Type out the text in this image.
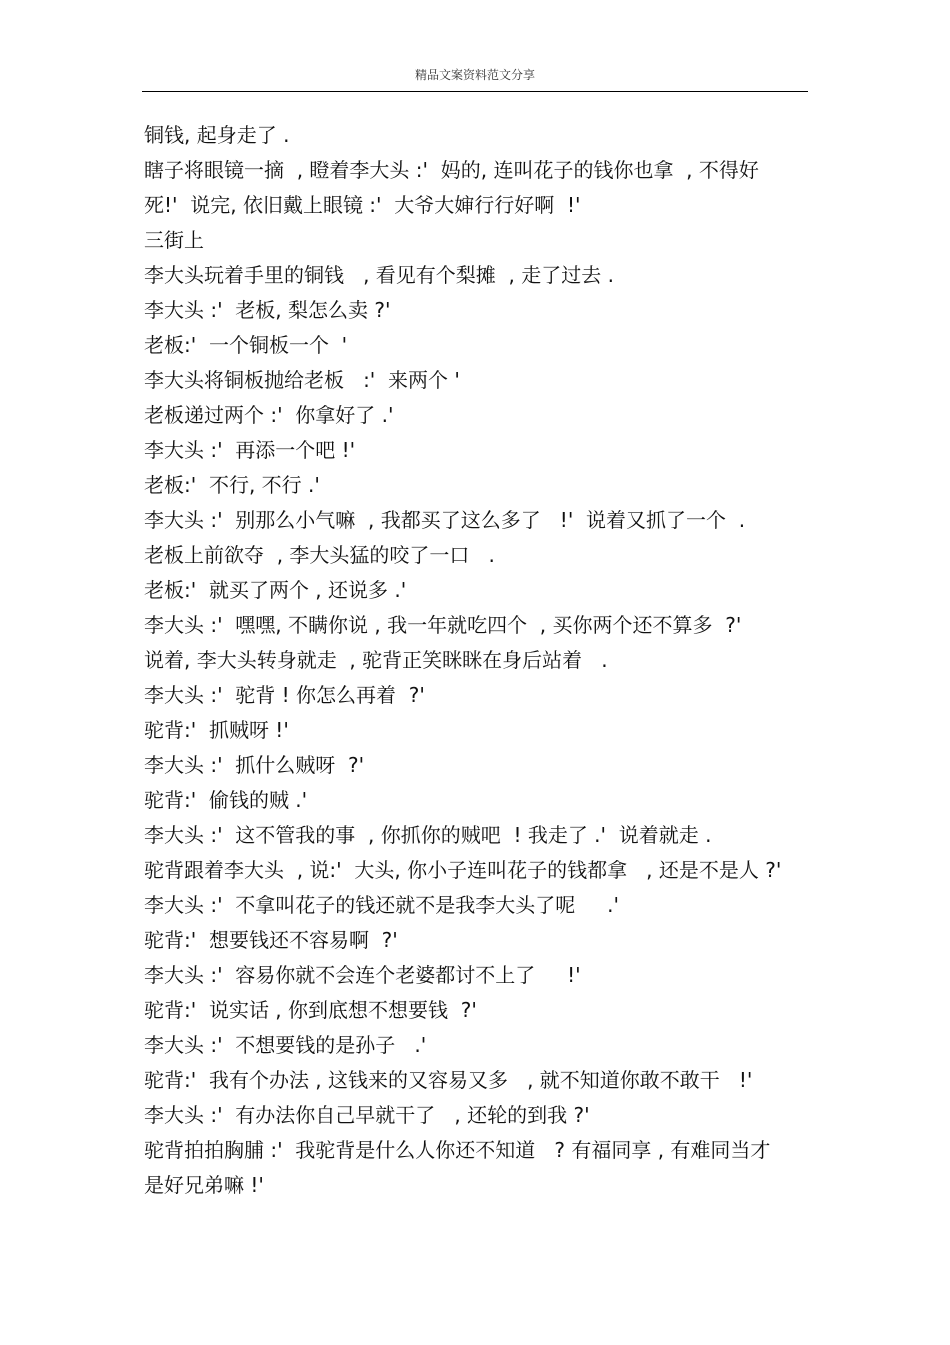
精品文案资料范文分享
铜钱, 起身走了 .
瞎子将眼镜一摘  , 瞪着李大头 :'  妈的, 连叫花子的钱你也拿  , 不得好
死!'  说完, 依旧戴上眼镜 :'  大爷大婶行行好啊  !'
三街上
李大头玩着手里的铜钱   , 看见有个梨摊  , 走了过去 .
李大头 :'  老板, 梨怎么卖 ?'
老板:'  一个铜板一个  '
李大头将铜板抛给老板   :'  来两个 '
老板递过两个 :'  你拿好了 .'
李大头 :'  再添一个吧 !'
老板:'  不行, 不行 .'
李大头 :'  别那么小气嘛  , 我都买了这么多了   !'  说着又抓了一个  .
老板上前欲夺  , 李大头猛的咬了一口   .
老板:'  就买了两个 , 还说多 .'
李大头 :'  嘿嘿, 不瞒你说 , 我一年就吃四个  , 买你两个还不算多  ?'
说着, 李大头转身就走  , 驼背正笑眯眯在身后站着   .
李大头 :'  驼背 ! 你怎么再着  ?'
驼背:'  抓贼呀 !'
李大头 :'  抓什么贼呀  ?'
驼背:'  偷钱的贼 .'
李大头 :'  这不管我的事  , 你抓你的贼吧  ! 我走了 .'  说着就走 .
驼背跟着李大头  , 说:'  大头, 你小子连叫花子的钱都拿   , 还是不是人 ?'
李大头 :'  不拿叫花子的钱还就不是我李大头了呢     .'
驼背:'  想要钱还不容易啊  ?'
李大头 :'  容易你就不会连个老婆都讨不上了     !'
驼背:'  说实话 , 你到底想不想要钱  ?'
李大头 :'  不想要钱的是孙子   .'
驼背:'  我有个办法 , 这钱来的又容易又多   , 就不知道你敢不敢干   !'
李大头 :'  有办法你自己早就干了   , 还轮的到我 ?'
驼背拍拍胸脯 :'  我驼背是什么人你还不知道   ? 有福同享 , 有难同当才
是好兄弟嘛 !'
